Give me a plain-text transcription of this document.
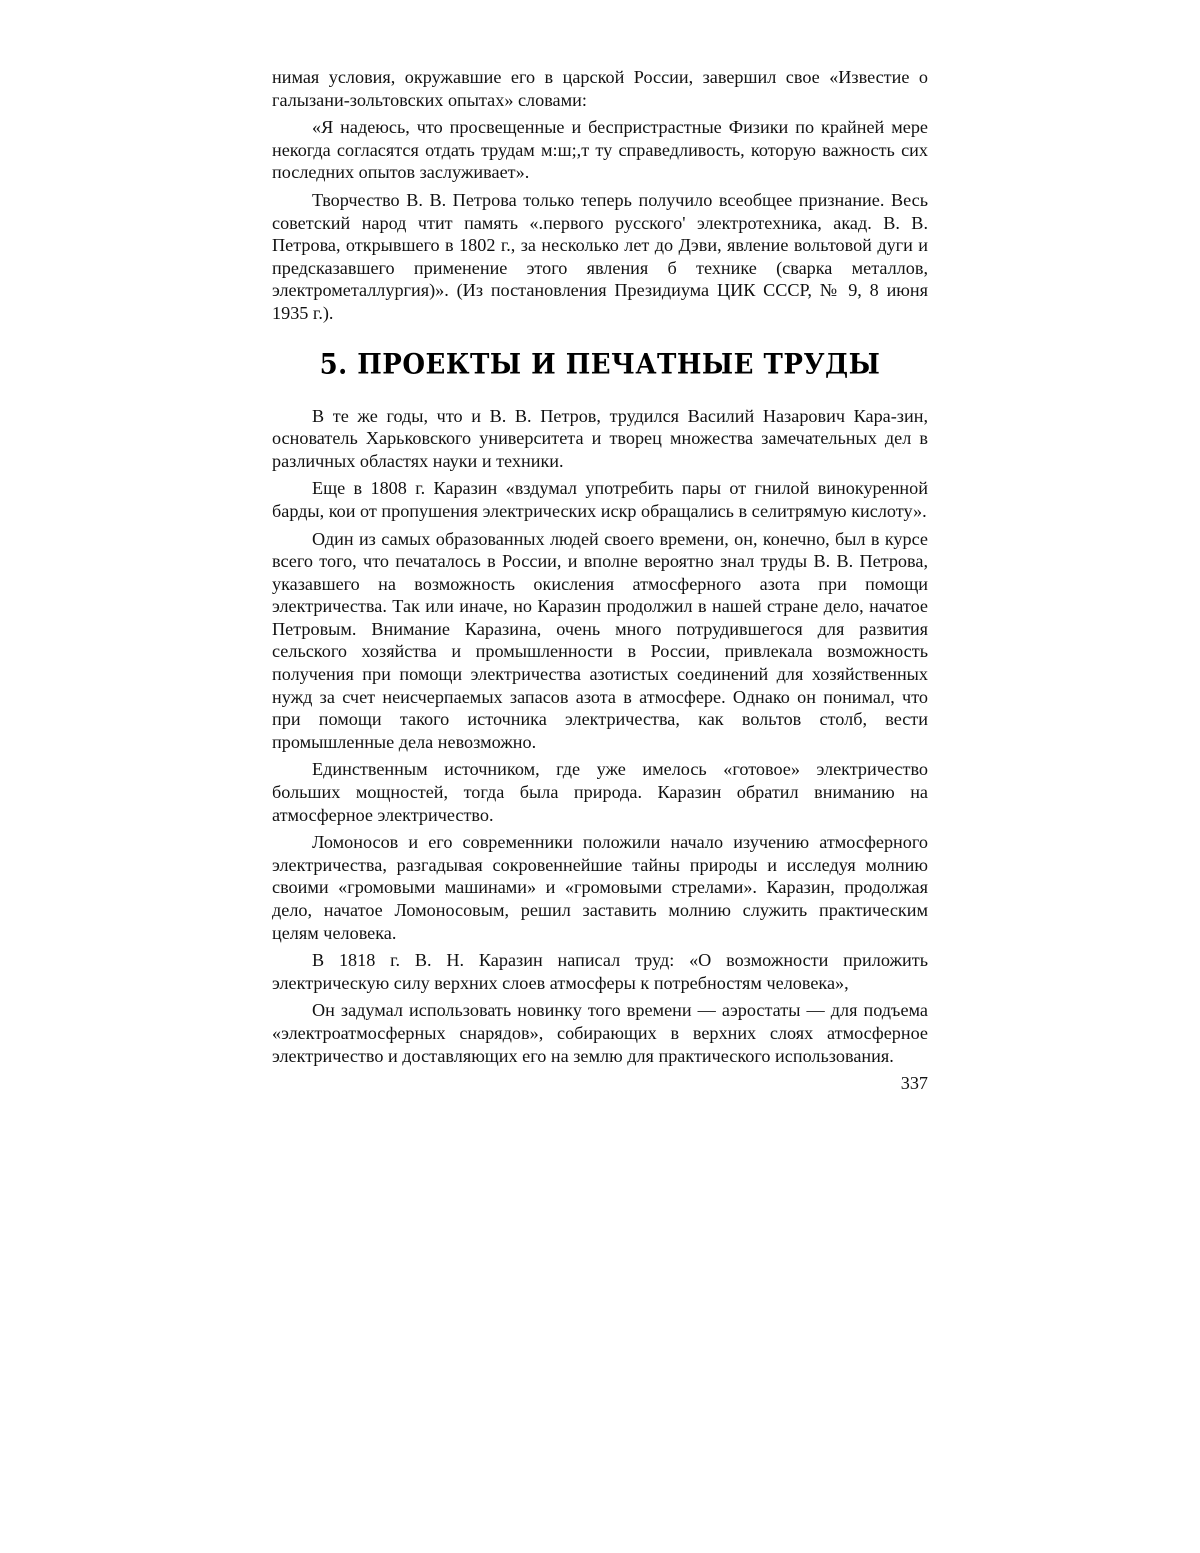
нимая условия, окружавшие его в царской России, завершил свое «Известие о галызани-зольтовских опытах» словами:

«Я надеюсь, что просвещенные и беспристрастные Физики по крайней мере некогда согласятся отдать трудам м:ш;,т ту справедливость, которую важность сих последних опытов заслуживает».

Творчество В. В. Петрова только теперь получило всеобщее признание. Весь советский народ чтит память «.первого русского' электротехника, акад. В. В. Петрова, открывшего в 1802 г., за несколько лет до Дэви, явление вольтовой дуги и предсказавшего применение этого явления б технике (сварка металлов, электрометаллургия)». (Из постановления Президиума ЦИК СССР, № 9, 8 июня 1935 г.).

5. ПРОЕКТЫ И ПЕЧАТНЫЕ ТРУДЫ

В те же годы, что и В. В. Петров, трудился Василий Назарович Кара-зин, основатель Харьковского университета и творец множества замечательных дел в различных областях науки и техники.

Еще в 1808 г. Каразин «вздумал употребить пары от гнилой винокуренной барды, кои от пропушения электрических искр обращались в селитрямую кислоту».

Один из самых образованных людей своего времени, он, конечно, был в курсе всего того, что печаталось в России, и вполне вероятно знал труды В. В. Петрова, указавшего на возможность окисления атмосферного азота при помощи электричества. Так или иначе, но Каразин продолжил в нашей стране дело, начатое Петровым. Внимание Каразина, очень много потрудившегося для развития сельского хозяйства и промышленности в России, привлекала возможность получения при помощи электричества азотистых соединений для хозяйственных нужд за счет неисчерпаемых запасов азота в атмосфере. Однако он понимал, что при помощи такого источника электричества, как вольтов столб, вести промышленные дела невозможно.

Единственным источником, где уже имелось «готовое» электричество больших мощностей, тогда была природа. Каразин обратил вниманию на атмосферное электричество.

Ломоносов и его современники положили начало изучению атмосферного электричества, разгадывая сокровеннейшие тайны природы и исследуя молнию своими «громовыми машинами» и «громовыми стрелами». Каразин, продолжая дело, начатое Ломоносовым, решил заставить молнию служить практическим целям человека.

В 1818 г. В. Н. Каразин написал труд: «О возможности приложить электрическую силу верхних слоев атмосферы к потребностям человека»,

Он задумал использовать новинку того времени — аэростаты — для подъема «электроатмосферных снарядов», собирающих в верхних слоях атмосферное электричество и доставляющих его на землю для практического использования.

337
